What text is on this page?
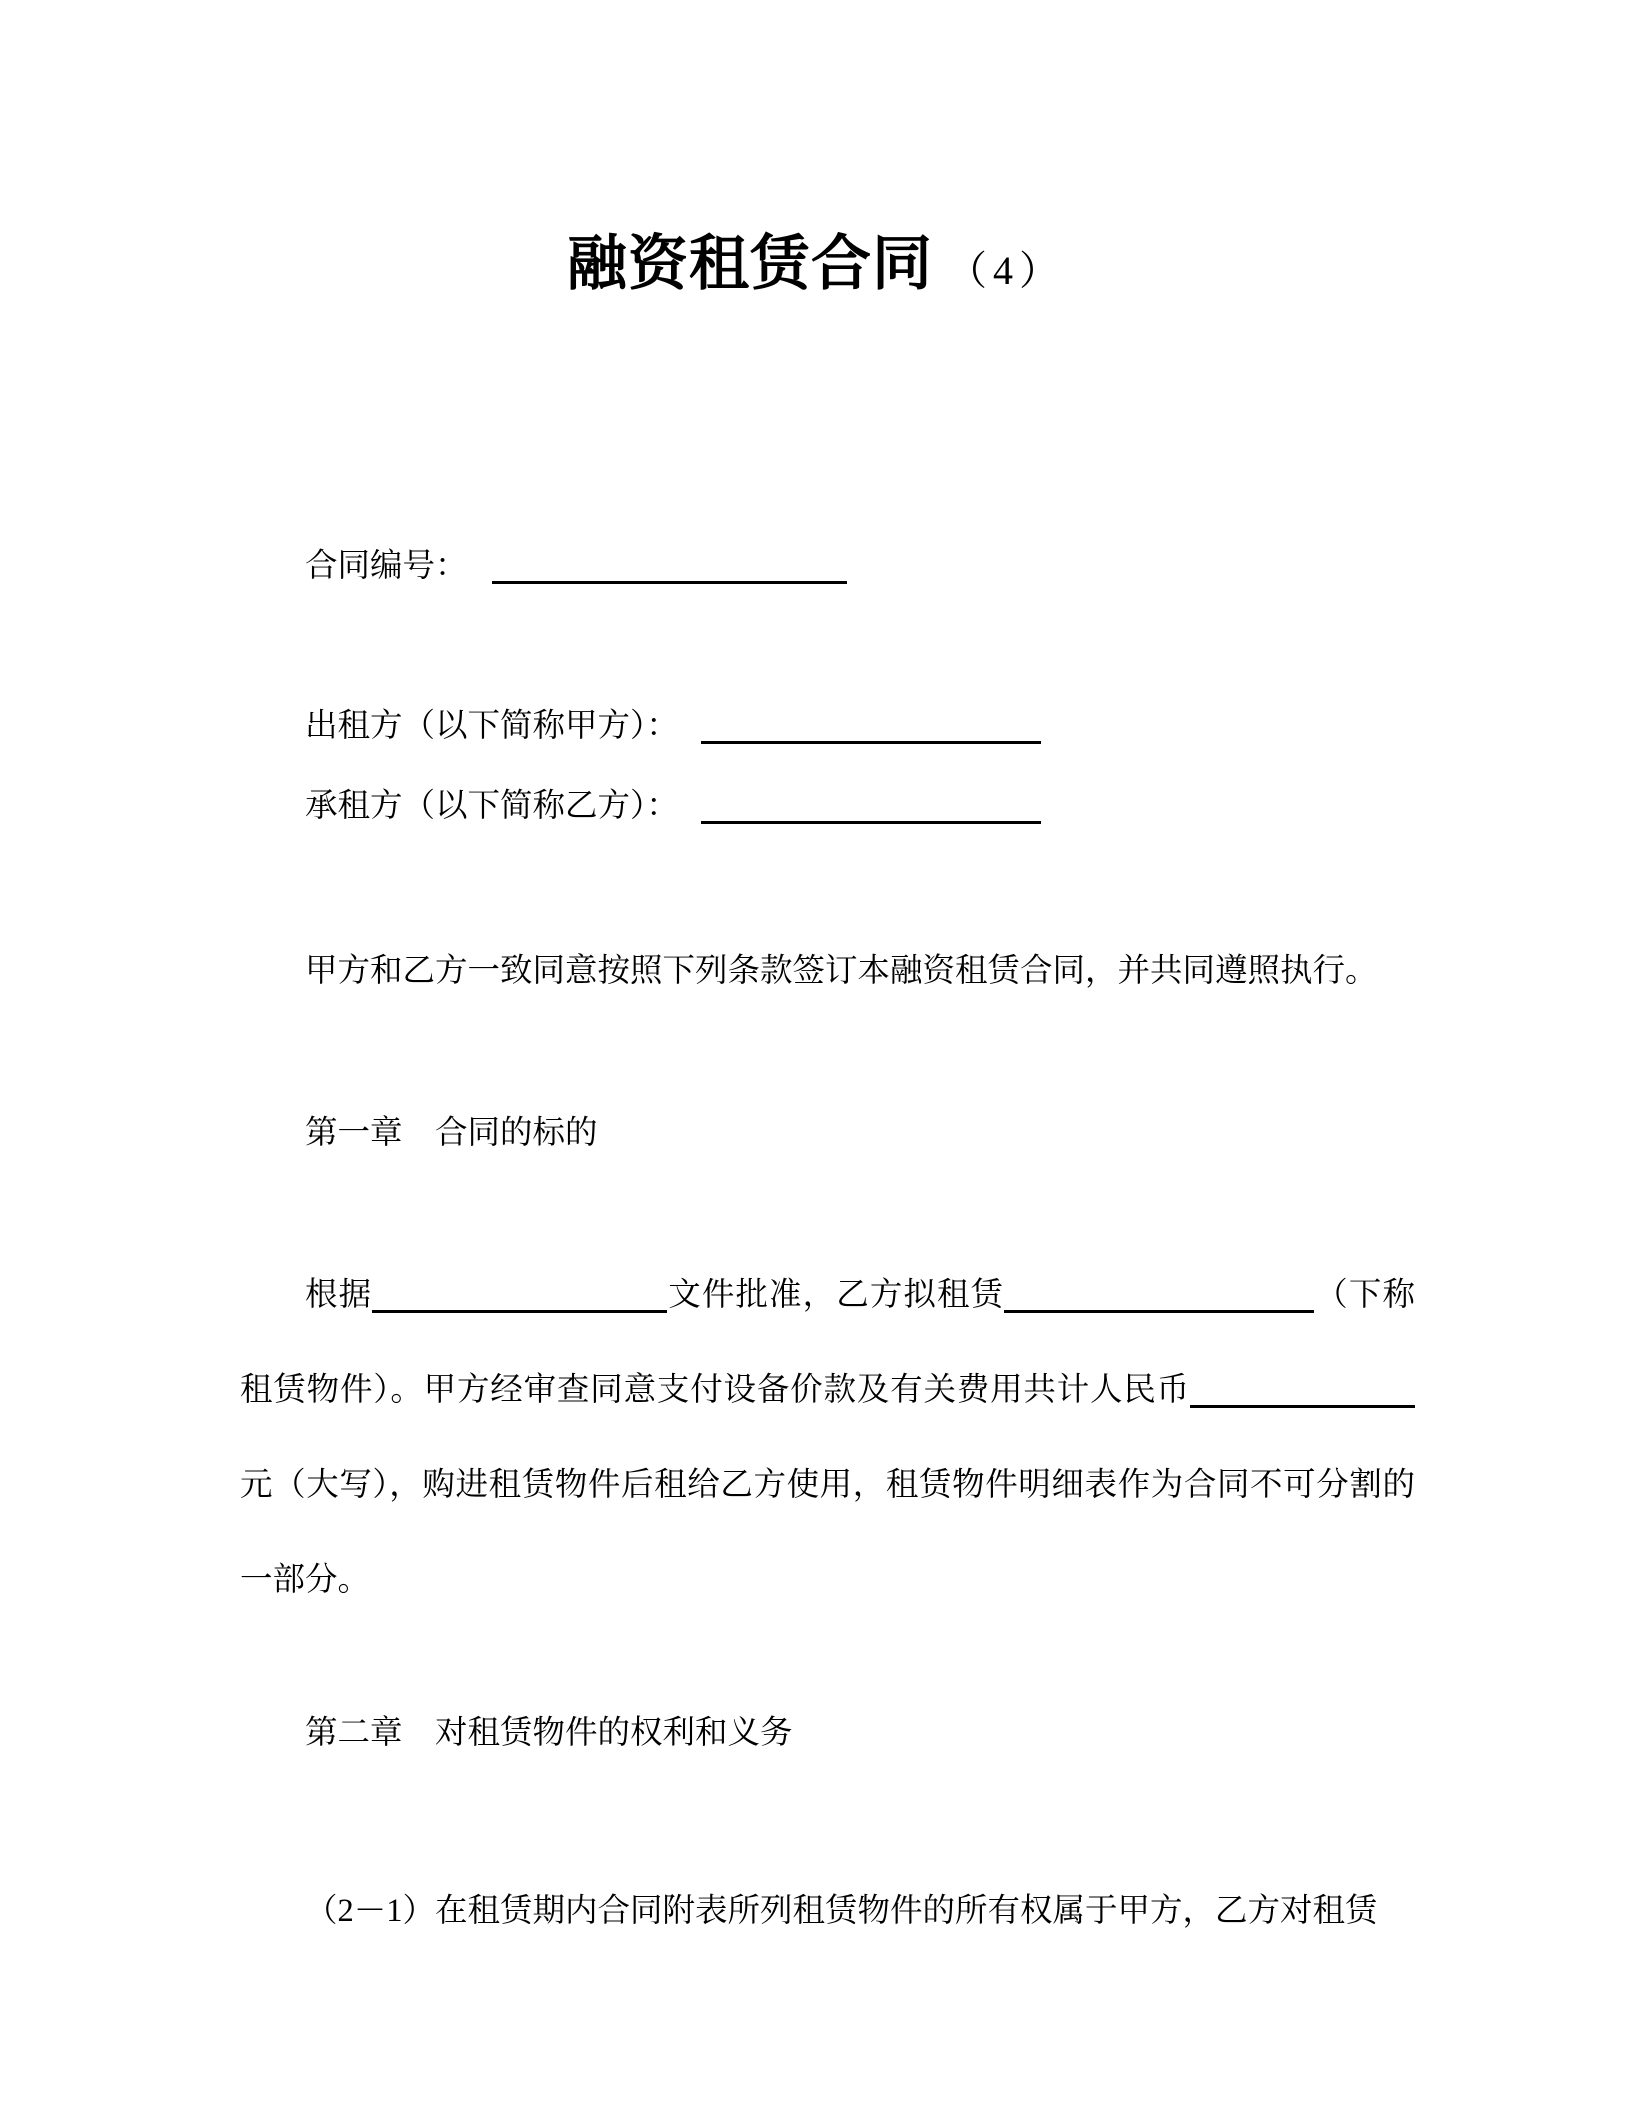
融资租赁合同 （4）

合同编号：

出租方（以下简称甲方）：

承租方（以下简称乙方）：

甲方和乙方一致同意按照下列条款签订本融资租赁合同，并共同遵照执行。

第一章　合同的标的

根据	文件批准，乙方拟租赁	（下称租赁物件）。甲方经审查同意支付设备价款及有关费用共计人民币元（大写），购进租赁物件后租给乙方使用，租赁物件明细表作为合同不可分割的一部分。

第二章　对租赁物件的权利和义务

（2－1）在租赁期内合同附表所列租赁物件的所有权属于甲方，乙方对租赁
